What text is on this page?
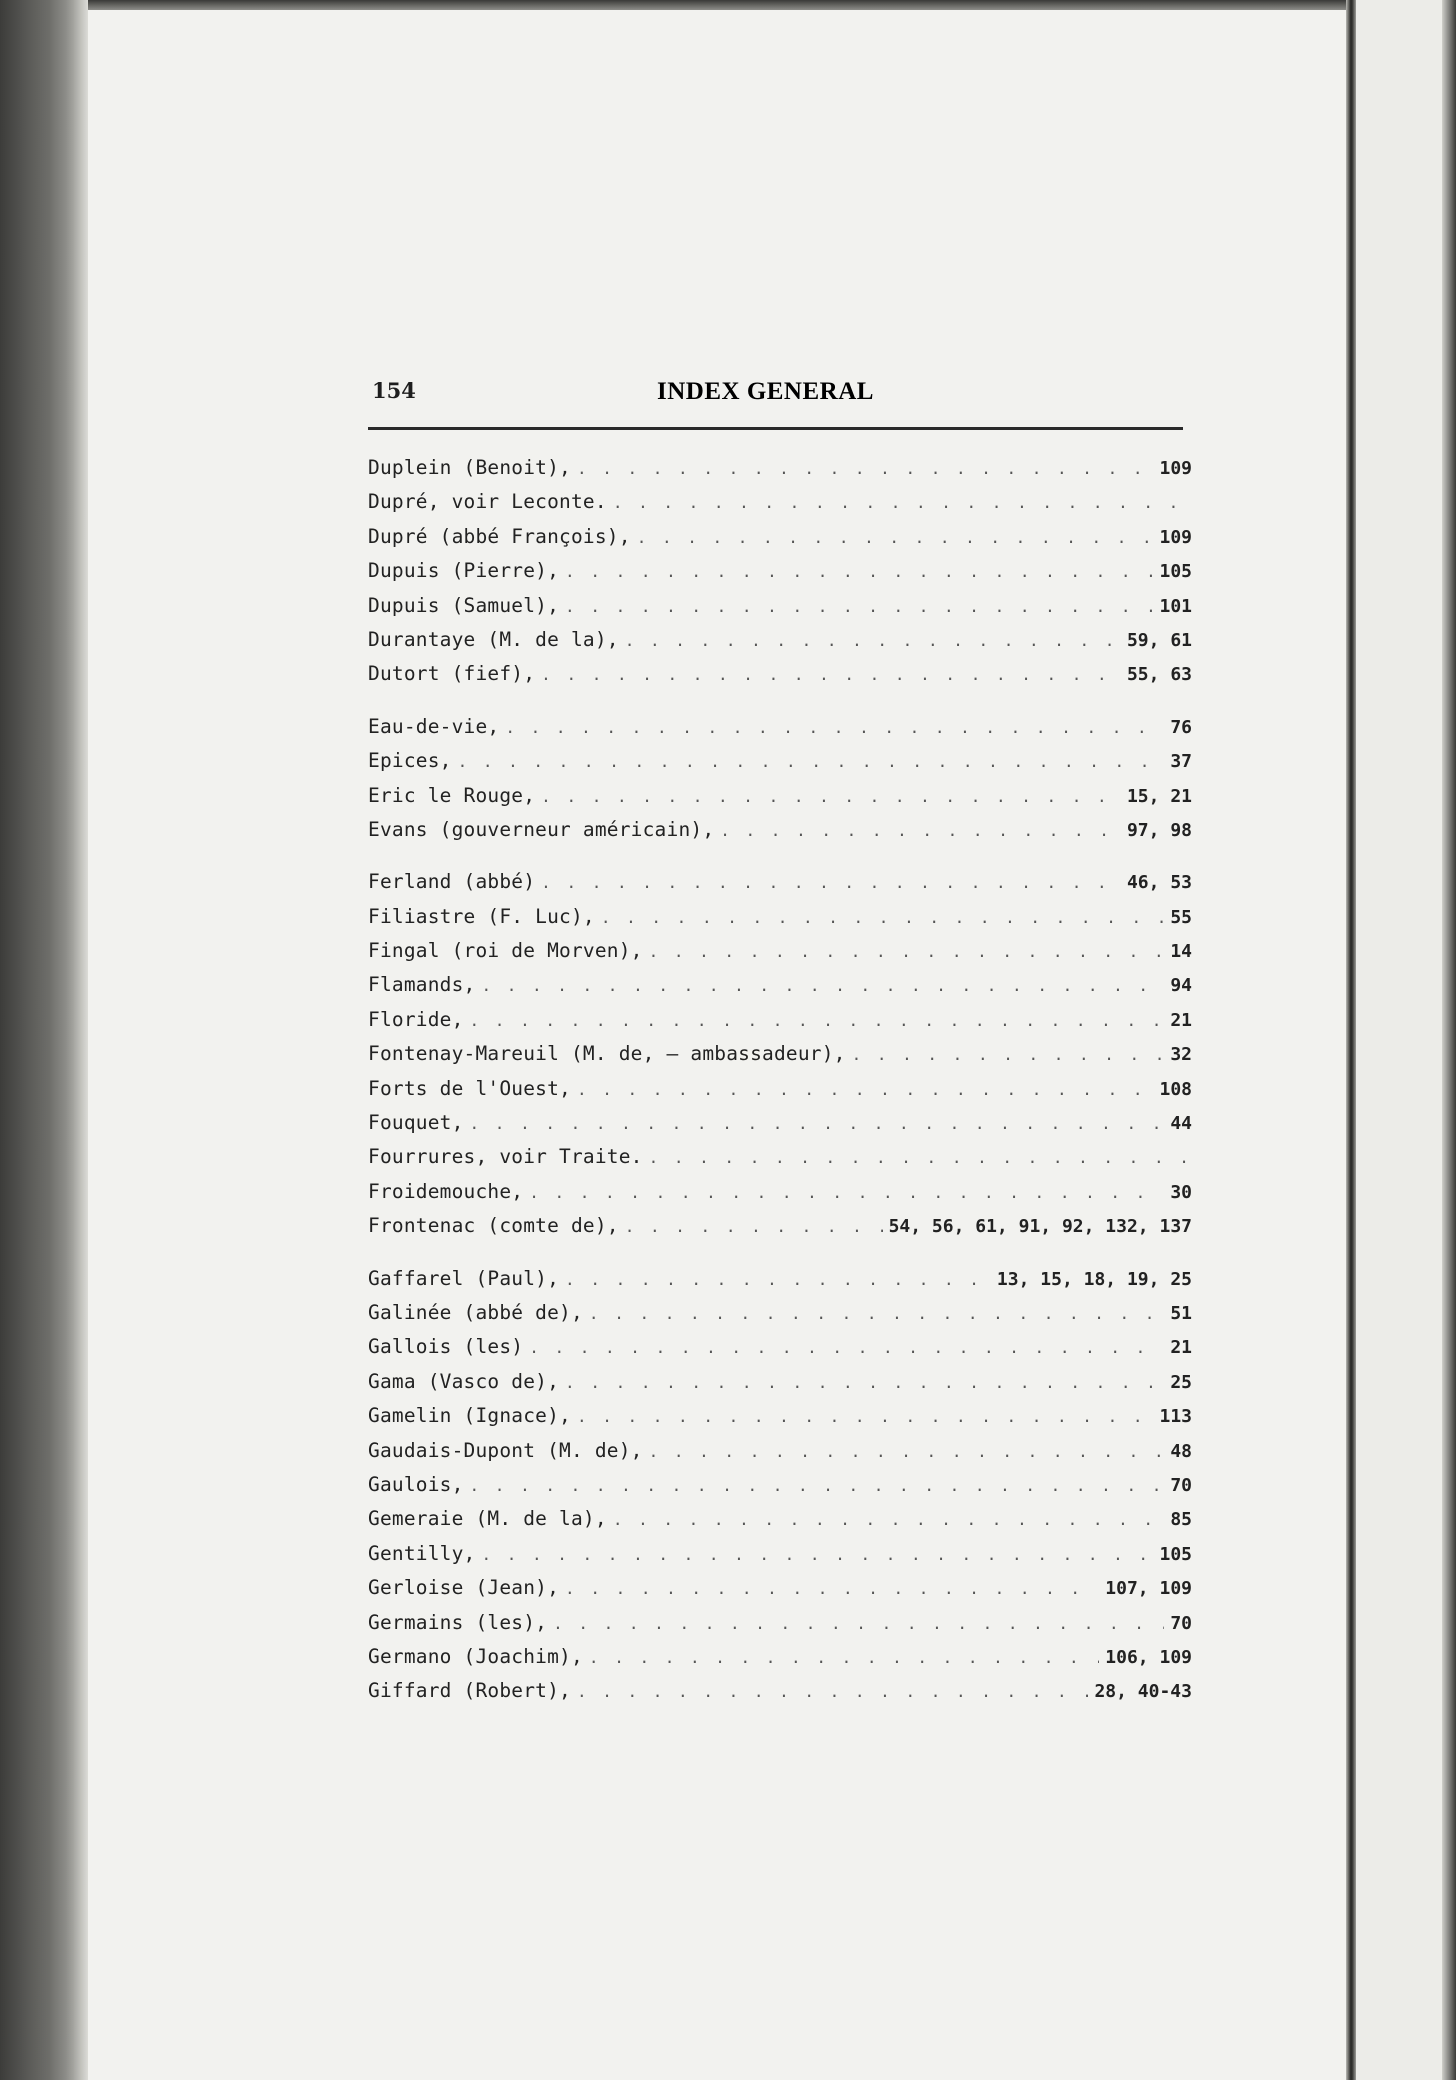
154	INDEX GENERAL
Duplein (Benoit), . . .	109
Dupré, voir Leconte.
. . .
Dupré (abbé François), . . .	109
Dupuis (Pierre), . . .	105
Dupuis (Samuel), . . .	101
Durantaye (M. de la), . . .	59, 61
Dutort (fief), . . .	55, 63
Eau-de-vie, . . .	76
Epices, . . .	37
Eric le Rouge, . . .	15, 21
Evans (gouverneur américain), . . .	97, 98
Ferland (abbé) . . .	46, 53
Filiastre (F. Luc), . . .	55
Fingal (roi de Morven), . . .	14
Flamands, . . .	94
Floride, . . .	21
Fontenay-Mareuil (M. de, — ambassadeur), . . .	32
Forts de l'Ouest, . . .	108
Fouquet, . . .	44
Fourrures, voir Traite.
. . .
Froidemouche, . . .	30
Frontenac (comte de), . . .	54, 56, 61, 91, 92, 132, 137
Gaffarel (Paul), . . .	13, 15, 18, 19, 25
Galinée (abbé de), . . .	51
Gallois (les) . . .	21
Gama (Vasco de), . . .	25
Gamelin (Ignace), . . .	113
Gaudais-Dupont (M. de), . . .	48
Gaulois, . . .	70
Gemeraie (M. de la), . . .	85
Gentilly, . . .	105
Gerloise (Jean), . . .	107, 109
Germains (les), . . .	70
Germano (Joachim), . . .	106, 109
Giffard (Robert), . . .	28, 40-43
